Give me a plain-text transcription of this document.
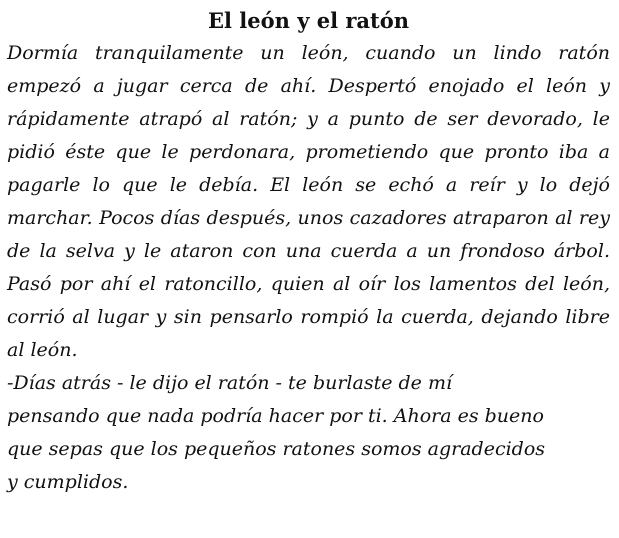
El león y el ratón

Dormía tranquilamente un león, cuando un lindo ratón empezó a jugar cerca de ahí. Despertó enojado el león y rápidamente atrapó al ratón; y a punto de ser devorado, le pidió éste que le perdonara, prometiendo que pronto iba a pagarle lo que le debía. El león se echó a reír y lo dejó marchar. Pocos días después, unos cazadores atraparon al rey de la selva y le ataron con una cuerda a un frondoso árbol. Pasó por ahí el ratoncillo, quien al oír los lamentos del león, corrió al lugar y sin pensarlo rompió la cuerda, dejando libre al león.

-Días atrás - le dijo el ratón - te burlaste de mí

pensando que nada podría hacer por ti. Ahora es bueno

que sepas que los pequeños ratones somos agradecidos

y cumplidos.
